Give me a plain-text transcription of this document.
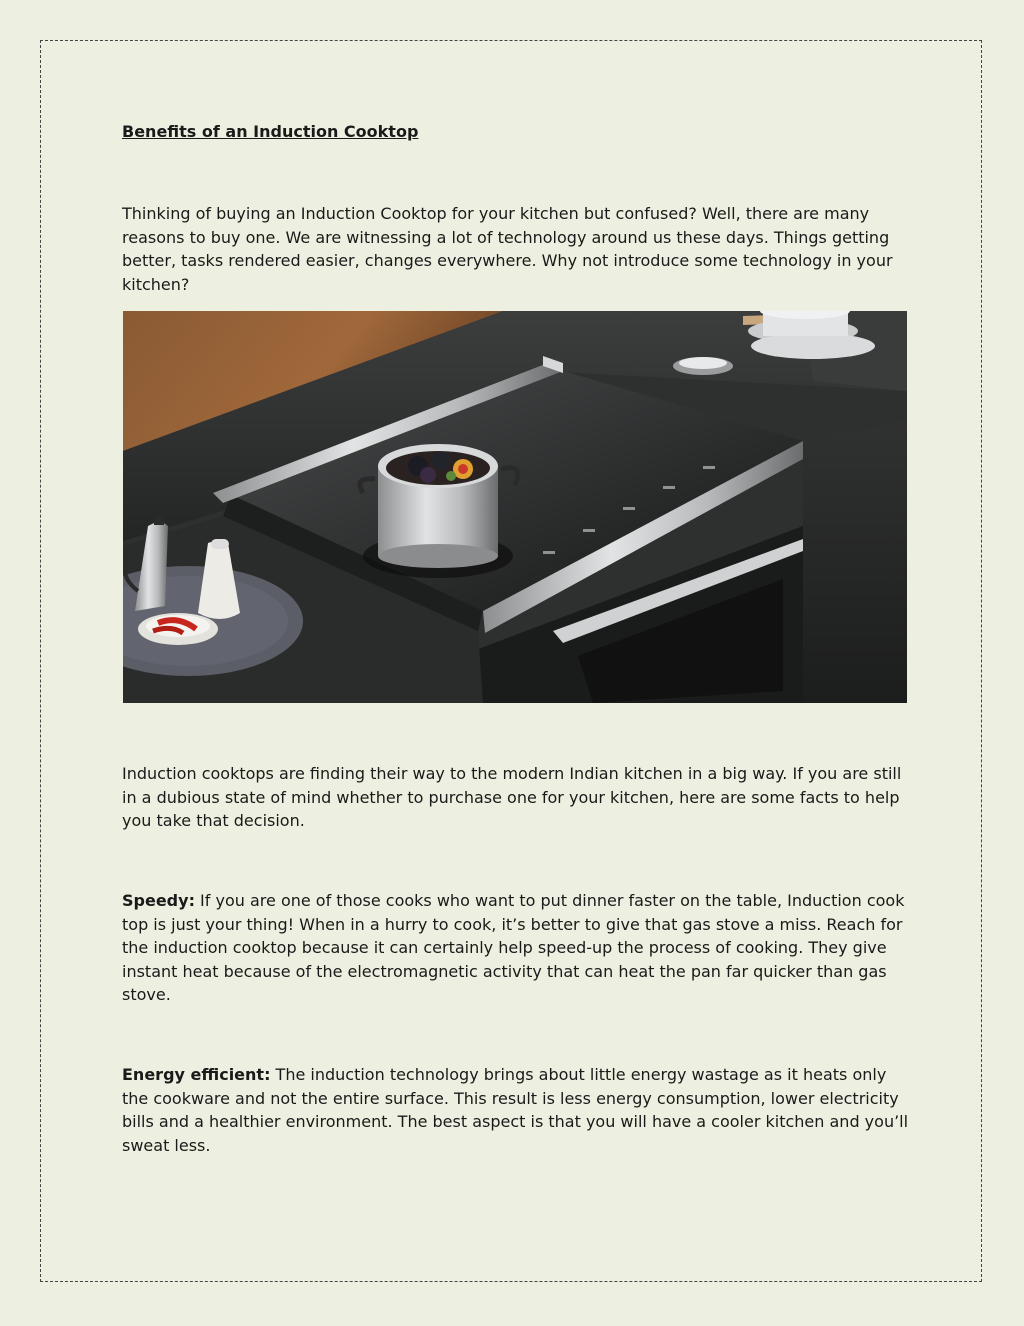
Benefits of an Induction Cooktop

Thinking of buying an Induction Cooktop for your kitchen but confused? Well, there are many reasons to buy one. We are witnessing a lot of technology around us these days. Things getting better, tasks rendered easier, changes everywhere. Why not introduce some technology in your kitchen?

Induction cooktops are finding their way to the modern Indian kitchen in a big way. If you are still in a dubious state of mind whether to purchase one for your kitchen, here are some facts to help you take that decision.

Speedy: If you are one of those cooks who want to put dinner faster on the table, Induction cook top is just your thing! When in a hurry to cook, it’s better to give that gas stove a miss. Reach for the induction cooktop because it can certainly help speed-up the process of cooking. They give instant heat because of the electromagnetic activity that can heat the pan far quicker than gas stove.

Energy efficient: The induction technology brings about little energy wastage as it heats only the cookware and not the entire surface. This result is less energy consumption, lower electricity bills and a healthier environment. The best aspect is that you will have a cooler kitchen and you’ll sweat less.
